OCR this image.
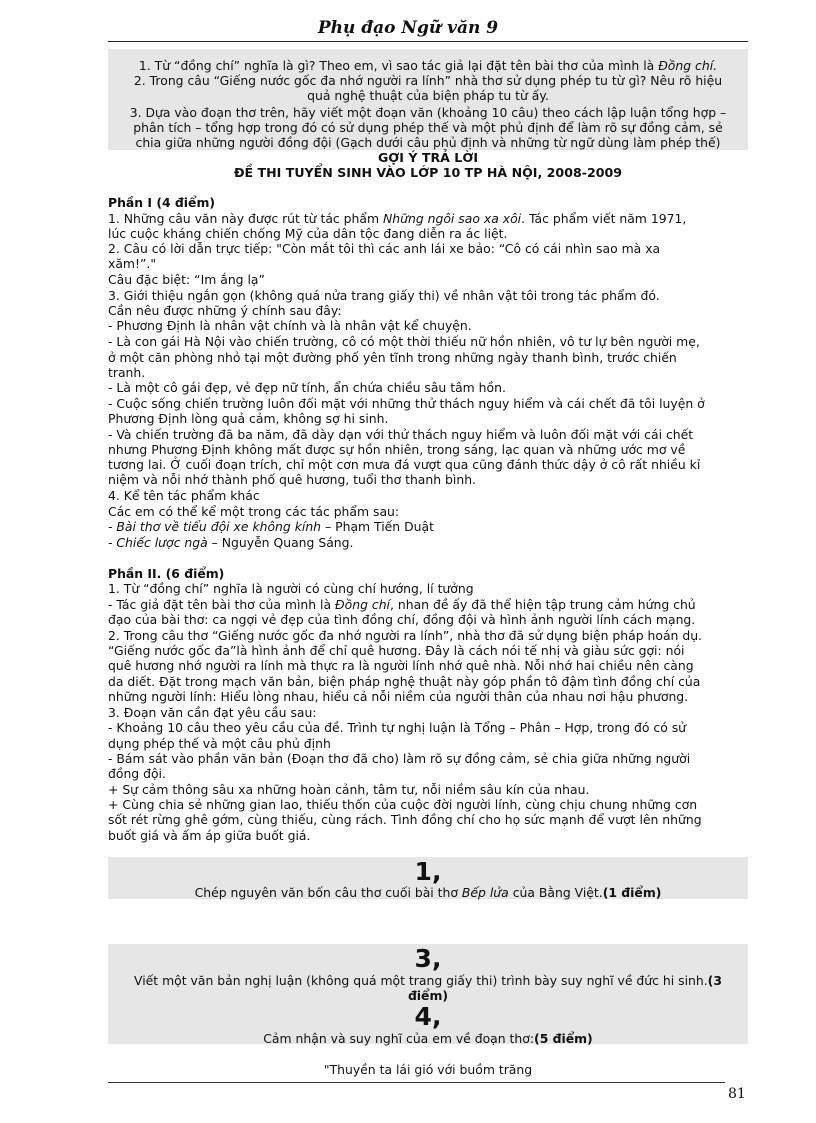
Phụ đạo Ngữ văn 9
1. Từ “đồng chí” nghĩa là gì? Theo em, vì sao tác giả lại đặt tên bài thơ của mình là Đồng chí.
2. Trong câu “Giếng nước gốc đa nhớ người ra lính” nhà thơ sử dụng phép tu từ gì? Nêu rõ hiệu
quả nghệ thuật của biện pháp tu từ ấy.
3. Dựa vào đoạn thơ trên, hãy viết một đoạn văn (khoảng 10 câu) theo cách lập luận tổng hợp –
phân tích – tổng hợp trong đó có sử dụng phép thế và một phủ định để làm rõ sự đồng cảm, sẻ
chia giữa những người đồng đội (Gạch dưới câu phủ định và những từ ngữ dùng làm phép thế)
GỢI Ý TRẢ LỜI
ĐỀ THI TUYỂN SINH VÀO LỚP 10 TP HÀ NỘI, 2008-2009
Phần I (4 điểm)
1. Những câu văn này được rút từ tác phẩm Những ngôi sao xa xôi. Tác phẩm viết năm 1971,
lúc cuộc kháng chiến chống Mỹ của dân tộc đang diễn ra ác liệt.
2. Câu có lời dẫn trực tiếp: "Còn mắt tôi thì các anh lái xe bảo: “Cô có cái nhìn sao mà xa
xăm!”."
Câu đặc biệt: “Im ắng lạ”
3. Giới thiệu ngắn gọn (không quá nửa trang giấy thi) về nhân vật tôi trong tác phẩm đó.
Cần nêu được những ý chính sau đây:
- Phương Định là nhân vật chính và là nhân vật kể chuyện.
- Là con gái Hà Nội vào chiến trường, cô có một thời thiếu nữ hồn nhiên, vô tư lự bên người mẹ,
ở một căn phòng nhỏ tại một đường phố yên tĩnh trong những ngày thanh bình, trước chiến
tranh.
- Là một cô gái đẹp, vẻ đẹp nữ tính, ẩn chứa chiều sâu tâm hồn.
- Cuộc sống chiến trường luôn đối mặt với những thử thách nguy hiểm và cái chết đã tôi luyện ở
Phương Định lòng quả cảm, không sợ hi sinh.
- Và chiến trường đã ba năm, đã dày dạn với thử thách nguy hiểm và luôn đối mặt với cái chết
nhưng Phương Định không mất được sự hồn nhiên, trong sáng, lạc quan và những ước mơ về
tương lai. Ở cuối đoạn trích, chỉ một cơn mưa đá vượt qua cũng đánh thức dậy ở cô rất nhiều kỉ
niệm và nỗi nhớ thành phố quê hương, tuổi thơ thanh bình.
4. Kể tên tác phẩm khác
Các em có thể kể một trong các tác phẩm sau:
- Bài thơ về tiểu đội xe không kính – Phạm Tiến Duật
- Chiếc lược ngà – Nguyễn Quang Sáng.
Phần II. (6 điểm)
1. Từ “đồng chí” nghĩa là người có cùng chí hướng, lí tưởng
- Tác giả đặt tên bài thơ của mình là Đồng chí, nhan đề ấy đã thể hiện tập trung cảm hứng chủ
đạo của bài thơ: ca ngợi vẻ đẹp của tình đồng chí, đồng đội và hình ảnh người lính cách mạng.
2. Trong câu thơ “Giếng nước gốc đa nhớ người ra lính”, nhà thơ đã sử dụng biện pháp hoán dụ.
“Giếng nước gốc đa”là hình ảnh để chỉ quê hương. Đây là cách nói tế nhị và giàu sức gợi: nói
quê hương nhớ người ra lính mà thực ra là người lính nhớ quê nhà. Nỗi nhớ hai chiều nên càng
da diết. Đặt trong mạch văn bản, biện pháp nghệ thuật này góp phần tô đậm tình đồng chí của
những người lính: Hiểu lòng nhau, hiểu cả nỗi niềm của người thân của nhau nơi hậu phương.
3. Đoạn văn cần đạt yêu cầu sau:
- Khoảng 10 câu theo yêu cầu của đề. Trình tự nghị luận là Tổng – Phân – Hợp, trong đó có sử
dụng phép thế và một câu phủ định
- Bám sát vào phần văn bản (Đoạn thơ đã cho) làm rõ sự đồng cảm, sẻ chia giữa những người
đồng đội.
+ Sự cảm thông sâu xa những hoàn cảnh, tâm tư, nỗi niềm sâu kín của nhau.
+ Cùng chia sẻ những gian lao, thiếu thốn của cuộc đời người lính, cùng chịu chung những cơn
sốt rét rừng ghê gớm, cùng thiếu, cùng rách. Tình đồng chí cho họ sức mạnh để vượt lên những
buốt giá và ấm áp giữa buốt giá.
1,
Chép nguyên văn bốn câu thơ cuối bài thơ Bếp lửa của Bằng Việt.(1 điểm)
3,
Viết một văn bản nghị luận (không quá một trang giấy thi) trình bày suy nghĩ về đức hi sinh.(3
điểm)
4,
Cảm nhận và suy nghĩ của em về đoạn thơ:(5 điểm)
"Thuyền ta lái gió với buồm trăng
81
